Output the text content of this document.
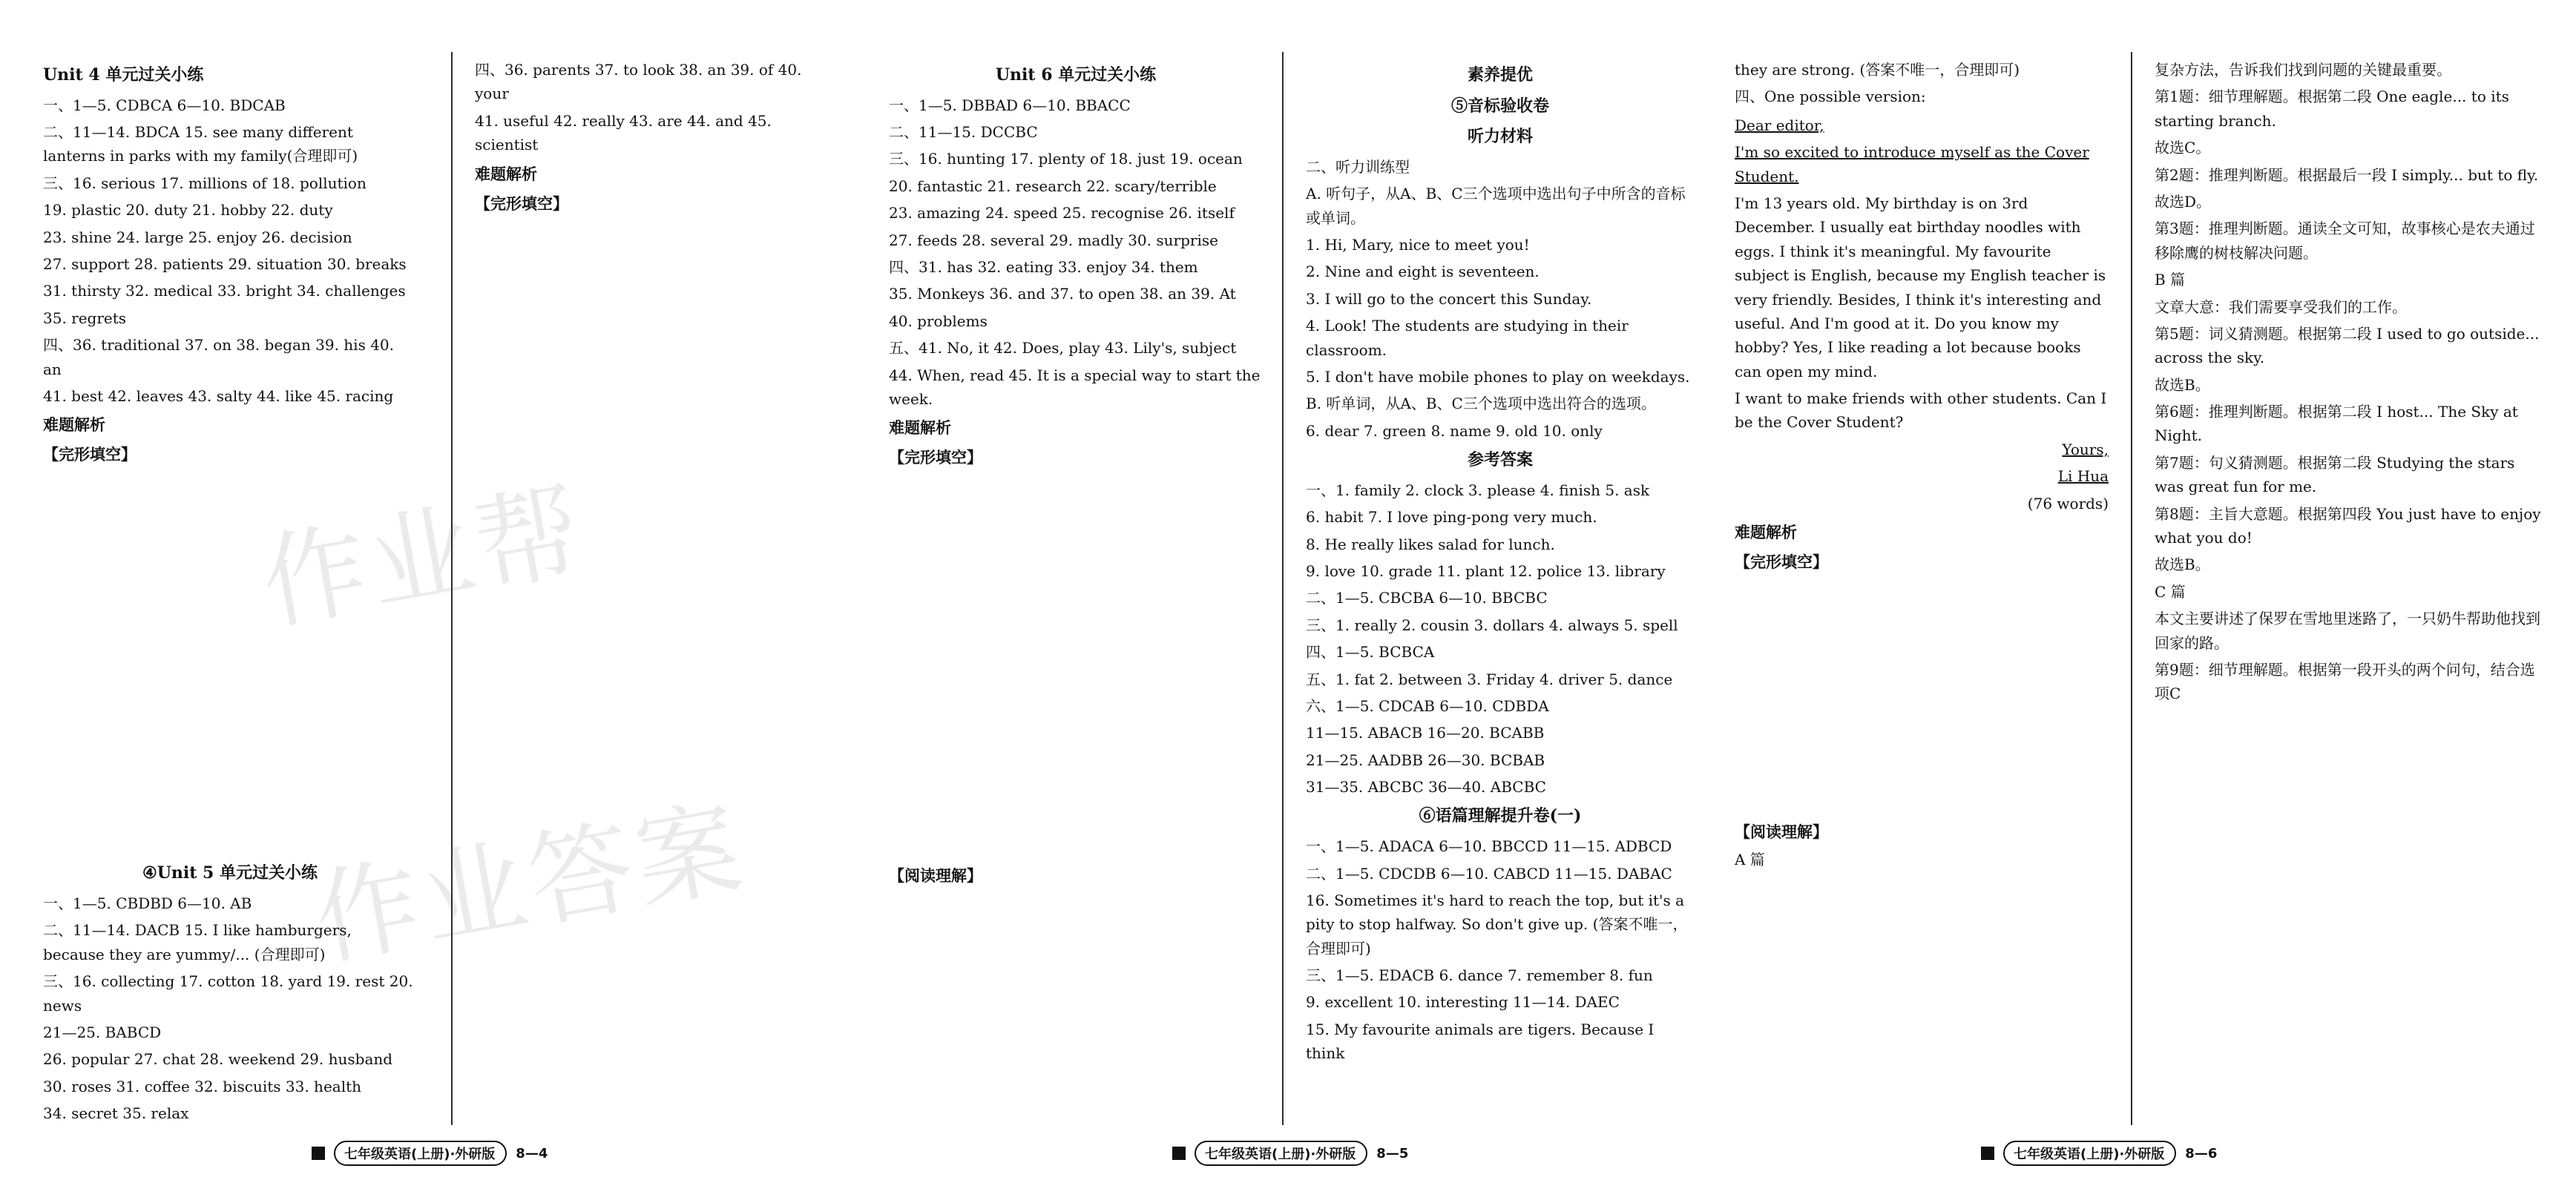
作业帮
作业答案
Unit 4 单元过关小练
一、1—5. CDBCA 6—10. BDCAB
二、11—14. BDCA 15. see many different lanterns in parks with my family(合理即可)
三、16. serious 17. millions of 18. pollution
19. plastic 20. duty 21. hobby 22. duty
23. shine 24. large 25. enjoy 26. decision
27. support 28. patients 29. situation 30. breaks
31. thirsty 32. medical 33. bright 34. challenges
35. regrets
四、36. traditional 37. on 38. began 39. his 40. an
41. best 42. leaves 43. salty 44. like 45. racing
难题解析
【完形填空】
④Unit 5 单元过关小练
一、1—5. CBDBD 6—10. AB
二、11—14. DACB 15. I like hamburgers, because they are yummy/... (合理即可)
三、16. collecting 17. cotton 18. yard 19. rest 20. news
21—25. BABCD
26. popular 27. chat 28. weekend 29. husband
30. roses 31. coffee 32. biscuits 33. health
34. secret 35. relax
四、36. parents 37. to look 38. an 39. of 40. your
41. useful 42. really 43. are 44. and 45. scientist
难题解析
【完形填空】
七年级英语(上册)·外研版	8—4
Unit 6 单元过关小练
一、1—5. DBBAD 6—10. BBACC
二、11—15. DCCBC
三、16. hunting 17. plenty of 18. just 19. ocean
20. fantastic 21. research 22. scary/terrible
23. amazing 24. speed 25. recognise 26. itself
27. feeds 28. several 29. madly 30. surprise
四、31. has 32. eating 33. enjoy 34. them
35. Monkeys 36. and 37. to open 38. an 39. At
40. problems
五、41. No, it 42. Does, play 43. Lily's, subject
44. When, read 45. It is a special way to start the week.
难题解析
【完形填空】
【阅读理解】
素养提优
⑤音标验收卷
听力材料
二、听力训练型
A. 听句子，从A、B、C三个选项中选出句子中所含的音标或单词。
1. Hi, Mary, nice to meet you!
2. Nine and eight is seventeen.
3. I will go to the concert this Sunday.
4. Look! The students are studying in their classroom.
5. I don't have mobile phones to play on weekdays.
B. 听单词，从A、B、C三个选项中选出符合的选项。
6. dear 7. green 8. name 9. old 10. only
参考答案
一、1. family 2. clock 3. please 4. finish 5. ask
6. habit 7. I love ping-pong very much.
8. He really likes salad for lunch.
9. love 10. grade 11. plant 12. police 13. library
二、1—5. CBCBA 6—10. BBCBC
三、1. really 2. cousin 3. dollars 4. always 5. spell
四、1—5. BCBCA
五、1. fat 2. between 3. Friday 4. driver 5. dance
六、1—5. CDCAB 6—10. CDBDA
11—15. ABACB 16—20. BCABB
21—25. AADBB 26—30. BCBAB
31—35. ABCBC 36—40. ABCBC
⑥语篇理解提升卷(一)
一、1—5. ADACA 6—10. BBCCD 11—15. ADBCD
二、1—5. CDCDB 6—10. CABCD 11—15. DABAC
16. Sometimes it's hard to reach the top, but it's a pity to stop halfway. So don't give up. (答案不唯一，合理即可)
三、1—5. EDACB 6. dance 7. remember 8. fun
9. excellent 10. interesting 11—14. DAEC
15. My favourite animals are tigers. Because I think
七年级英语(上册)·外研版	8—5
they are strong. (答案不唯一，合理即可)
四、One possible version:
Dear editor,
I'm so excited to introduce myself as the Cover Student.
I'm 13 years old. My birthday is on 3rd December. I usually eat birthday noodles with eggs. I think it's meaningful. My favourite subject is English, because my English teacher is very friendly. Besides, I think it's interesting and useful. And I'm good at it. Do you know my hobby? Yes, I like reading a lot because books can open my mind.
I want to make friends with other students. Can I be the Cover Student?
Yours,
Li Hua
(76 words)
难题解析
【完形填空】
【阅读理解】
A 篇
复杂方法，告诉我们找到问题的关键最重要。
第1题：细节理解题。根据第二段 One eagle... to its starting branch.
故选C。
第2题：推理判断题。根据最后一段 I simply... but to fly.
故选D。
第3题：推理判断题。通读全文可知，故事核心是农夫通过移除鹰的树枝解决问题。
B 篇
文章大意：我们需要享受我们的工作。
第5题：词义猜测题。根据第二段 I used to go outside... across the sky.
故选B。
第6题：推理判断题。根据第二段 I host... The Sky at Night.
第7题：句义猜测题。根据第二段 Studying the stars was great fun for me.
第8题：主旨大意题。根据第四段 You just have to enjoy what you do!
故选B。
C 篇
本文主要讲述了保罗在雪地里迷路了，一只奶牛帮助他找到回家的路。
第9题：细节理解题。根据第一段开头的两个问句，结合选项C
七年级英语(上册)·外研版	8—6
